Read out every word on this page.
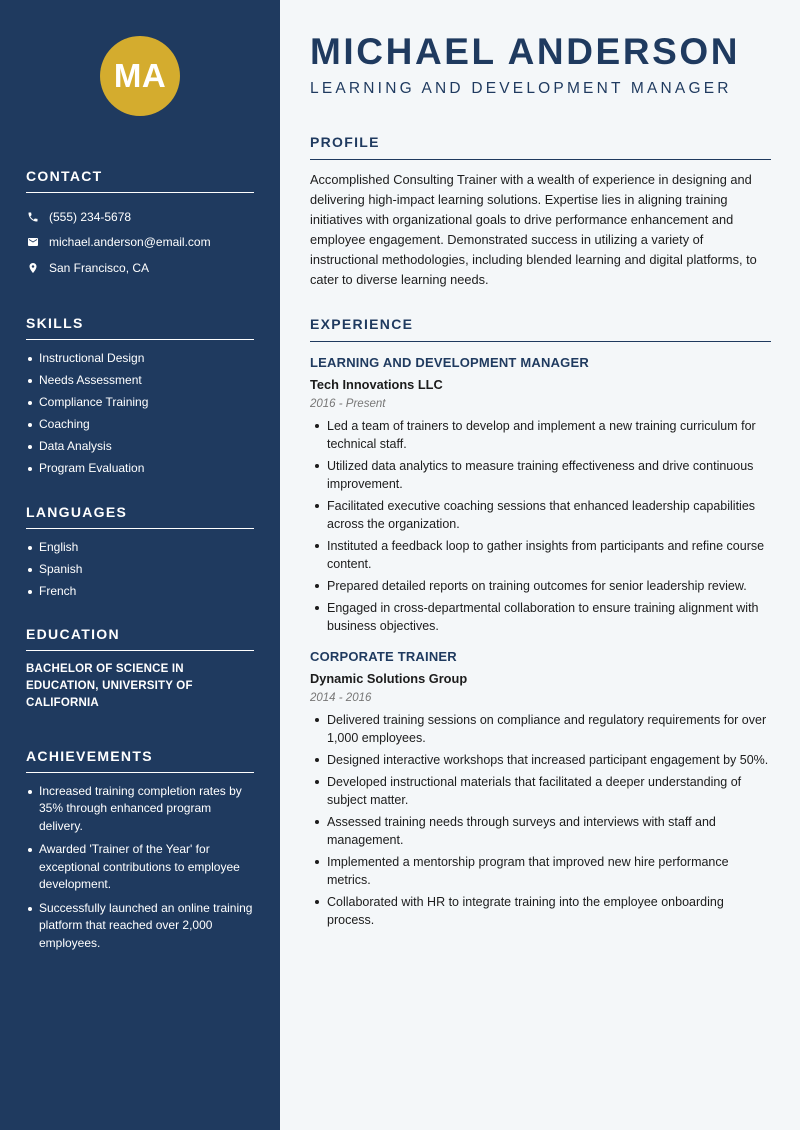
MA
CONTACT
(555) 234-5678
michael.anderson@email.com
San Francisco, CA
SKILLS
Instructional Design
Needs Assessment
Compliance Training
Coaching
Data Analysis
Program Evaluation
LANGUAGES
English
Spanish
French
EDUCATION

BACHELOR OF SCIENCE IN EDUCATION, UNIVERSITY OF CALIFORNIA

ACHIEVEMENTS
Increased training completion rates by 35% through enhanced program delivery.
Awarded 'Trainer of the Year' for exceptional contributions to employee development.
Successfully launched an online training platform that reached over 2,000 employees.
MICHAEL ANDERSON
LEARNING AND DEVELOPMENT MANAGER
PROFILE

Accomplished Consulting Trainer with a wealth of experience in designing and delivering high-impact learning solutions. Expertise lies in aligning training initiatives with organizational goals to drive performance enhancement and employee engagement. Demonstrated success in utilizing a variety of instructional methodologies, including blended learning and digital platforms, to cater to diverse learning needs.

EXPERIENCE
LEARNING AND DEVELOPMENT MANAGER
Tech Innovations LLC
2016 - Present
Led a team of trainers to develop and implement a new training curriculum for technical staff.
Utilized data analytics to measure training effectiveness and drive continuous improvement.
Facilitated executive coaching sessions that enhanced leadership capabilities across the organization.
Instituted a feedback loop to gather insights from participants and refine course content.
Prepared detailed reports on training outcomes for senior leadership review.
Engaged in cross-departmental collaboration to ensure training alignment with business objectives.
CORPORATE TRAINER
Dynamic Solutions Group
2014 - 2016
Delivered training sessions on compliance and regulatory requirements for over 1,000 employees.
Designed interactive workshops that increased participant engagement by 50%.
Developed instructional materials that facilitated a deeper understanding of subject matter.
Assessed training needs through surveys and interviews with staff and management.
Implemented a mentorship program that improved new hire performance metrics.
Collaborated with HR to integrate training into the employee onboarding process.
